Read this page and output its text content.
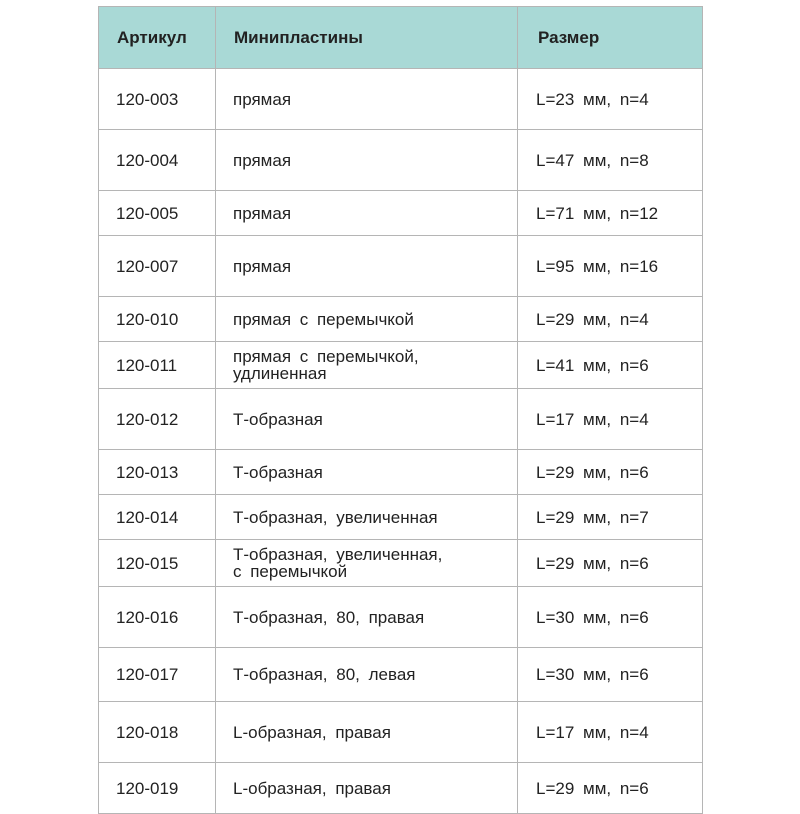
Артикул	Минипластины	Размер

120-003	прямая	L=23 мм, n=4

120-004	прямая	L=47 мм, n=8

120-005	прямая	L=71 мм, n=12

120-007	прямая	L=95 мм, n=16

120-010	прямая с перемычкой	L=29 мм, n=4

120-011	прямая с перемычкой,
удлиненная	L=41 мм, n=6

120-012	Т-образная	L=17 мм, n=4

120-013	Т-образная	L=29 мм, n=6

120-014	Т-образная, увеличенная	L=29 мм, n=7

120-015	Т-образная, увеличенная,
с перемычкой	L=29 мм, n=6

120-016	Т-образная, 80, правая	L=30 мм, n=6

120-017	Т-образная, 80, левая	L=30 мм, n=6

120-018	L-образная, правая	L=17 мм, n=4

120-019	L-образная, правая	L=29 мм, n=6
